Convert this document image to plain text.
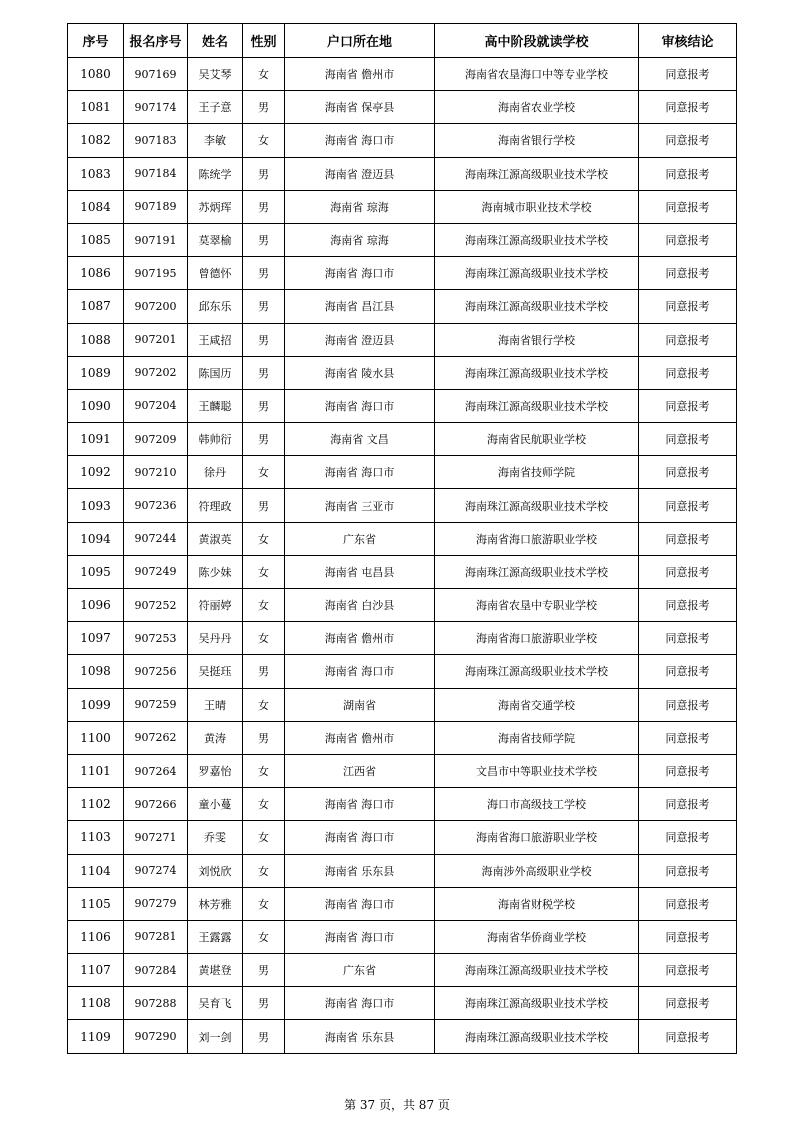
序号	报名序号	姓名	性别	户口所在地	高中阶段就读学校	审核结论
1080	907169	吴艾琴	女	海南省 儋州市	海南省农垦海口中等专业学校	同意报考
1081	907174	王子意	男	海南省 保亭县	海南省农业学校	同意报考
1082	907183	李敏	女	海南省 海口市	海南省银行学校	同意报考
1083	907184	陈统学	男	海南省 澄迈县	海南珠江源高级职业技术学校	同意报考
1084	907189	苏炳珲	男	海南省 琼海	海南城市职业技术学校	同意报考
1085	907191	莫翠榆	男	海南省 琼海	海南珠江源高级职业技术学校	同意报考
1086	907195	曾德怀	男	海南省 海口市	海南珠江源高级职业技术学校	同意报考
1087	907200	邱东乐	男	海南省 昌江县	海南珠江源高级职业技术学校	同意报考
1088	907201	王咸招	男	海南省 澄迈县	海南省银行学校	同意报考
1089	907202	陈国历	男	海南省 陵水县	海南珠江源高级职业技术学校	同意报考
1090	907204	王麟聪	男	海南省 海口市	海南珠江源高级职业技术学校	同意报考
1091	907209	韩帅衍	男	海南省 文昌	海南省民航职业学校	同意报考
1092	907210	徐丹	女	海南省 海口市	海南省技师学院	同意报考
1093	907236	符理政	男	海南省 三亚市	海南珠江源高级职业技术学校	同意报考
1094	907244	黄淑英	女	广东省	海南省海口旅游职业学校	同意报考
1095	907249	陈少妹	女	海南省 屯昌县	海南珠江源高级职业技术学校	同意报考
1096	907252	符丽婷	女	海南省 白沙县	海南省农垦中专职业学校	同意报考
1097	907253	吴丹丹	女	海南省 儋州市	海南省海口旅游职业学校	同意报考
1098	907256	吴挺珏	男	海南省 海口市	海南珠江源高级职业技术学校	同意报考
1099	907259	王晴	女	湖南省	海南省交通学校	同意报考
1100	907262	黄涛	男	海南省 儋州市	海南省技师学院	同意报考
1101	907264	罗嘉怡	女	江西省	文昌市中等职业技术学校	同意报考
1102	907266	童小蔓	女	海南省 海口市	海口市高级技工学校	同意报考
1103	907271	乔雯	女	海南省 海口市	海南省海口旅游职业学校	同意报考
1104	907274	刘悦欣	女	海南省 乐东县	海南涉外高级职业学校	同意报考
1105	907279	林芳雅	女	海南省 海口市	海南省财税学校	同意报考
1106	907281	王露露	女	海南省 海口市	海南省华侨商业学校	同意报考
1107	907284	黄堪登	男	广东省	海南珠江源高级职业技术学校	同意报考
1108	907288	吴育飞	男	海南省 海口市	海南珠江源高级职业技术学校	同意报考
1109	907290	刘一剑	男	海南省 乐东县	海南珠江源高级职业技术学校	同意报考
第 37 页，共 87 页
